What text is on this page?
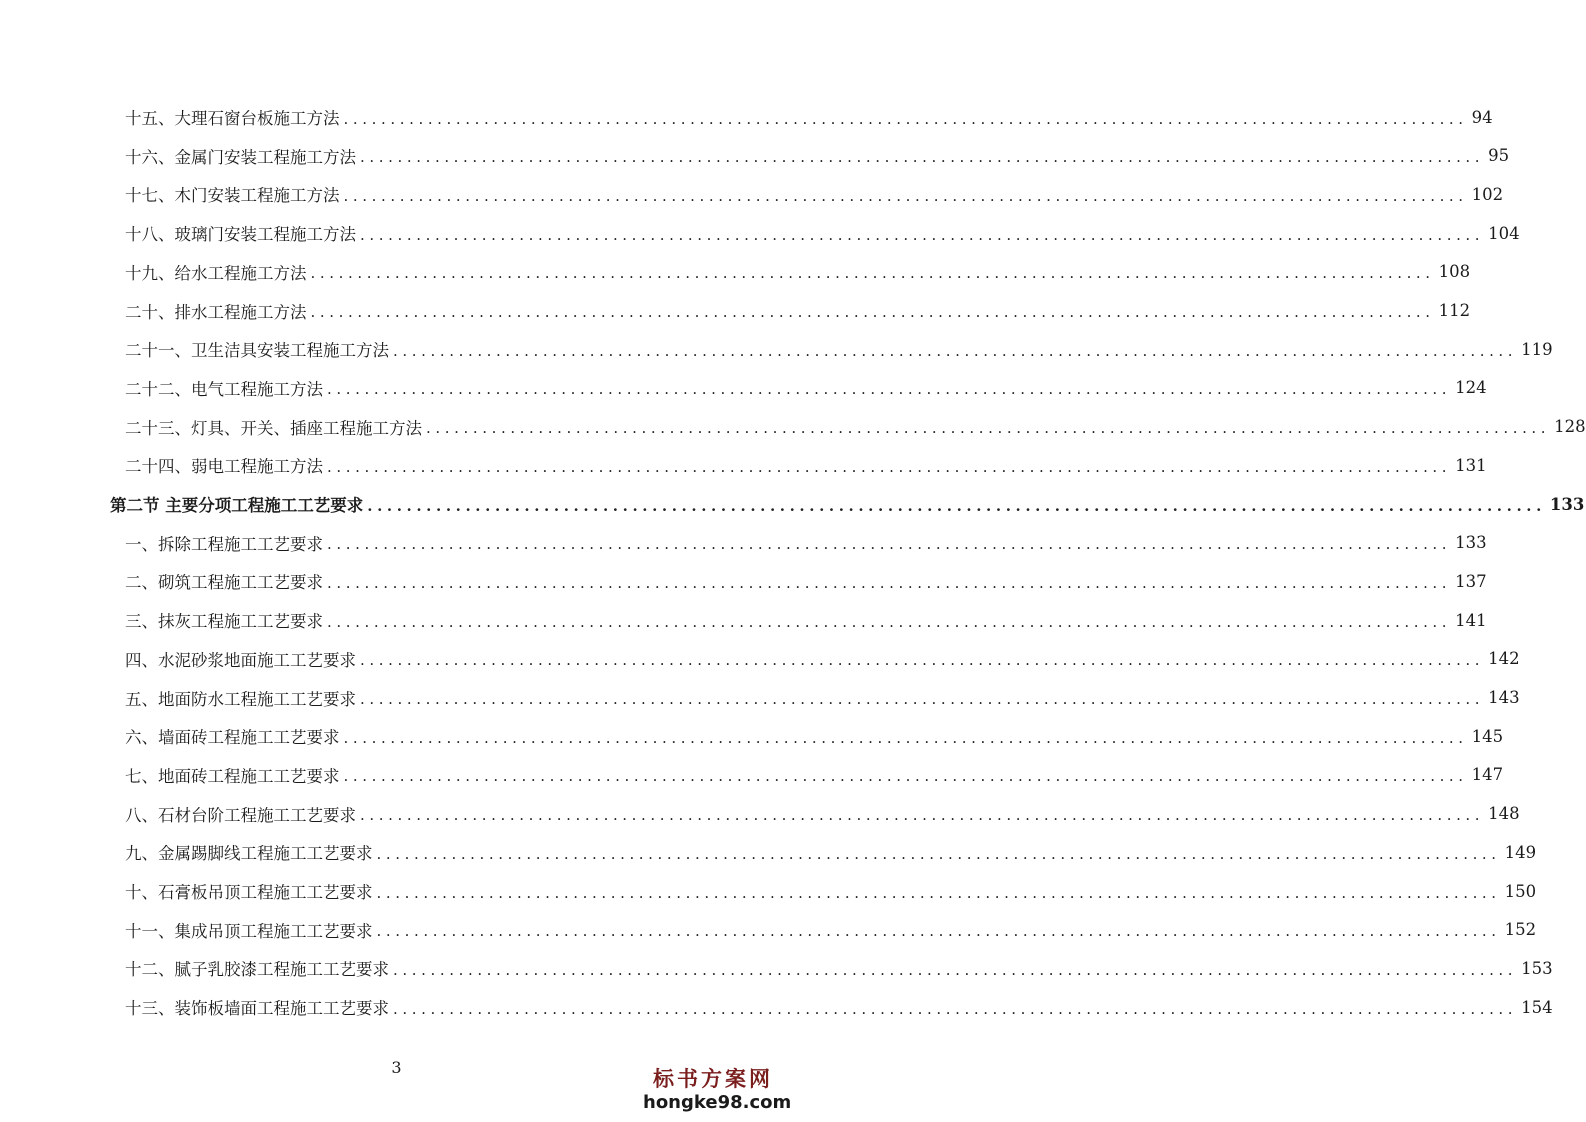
十五、大理石窗台板施工方法 ........................................................................................................................ 94
十六、金属门安装工程施工方法 ........................................................................................................................ 95
十七、木门安装工程施工方法 ........................................................................................................................ 102
十八、玻璃门安装工程施工方法 ........................................................................................................................ 104
十九、给水工程施工方法 ........................................................................................................................ 108
二十、排水工程施工方法 ........................................................................................................................ 112
二十一、卫生洁具安装工程施工方法 ........................................................................................................................ 119
二十二、电气工程施工方法 ........................................................................................................................ 124
二十三、灯具、开关、插座工程施工方法 ........................................................................................................................ 128
二十四、弱电工程施工方法 ........................................................................................................................ 131
第二节 主要分项工程施工工艺要求 ........................................................................................................................ 133
一、拆除工程施工工艺要求 ........................................................................................................................ 133
二、砌筑工程施工工艺要求 ........................................................................................................................ 137
三、抹灰工程施工工艺要求 ........................................................................................................................ 141
四、水泥砂浆地面施工工艺要求 ........................................................................................................................ 142
五、地面防水工程施工工艺要求 ........................................................................................................................ 143
六、墙面砖工程施工工艺要求 ........................................................................................................................ 145
七、地面砖工程施工工艺要求 ........................................................................................................................ 147
八、石材台阶工程施工工艺要求 ........................................................................................................................ 148
九、金属踢脚线工程施工工艺要求 ........................................................................................................................ 149
十、石膏板吊顶工程施工工艺要求 ........................................................................................................................ 150
十一、集成吊顶工程施工工艺要求 ........................................................................................................................ 152
十二、腻子乳胶漆工程施工工艺要求 ........................................................................................................................ 153
十三、装饰板墙面工程施工工艺要求 ........................................................................................................................ 154
3	标书方案网
hongke98.com
